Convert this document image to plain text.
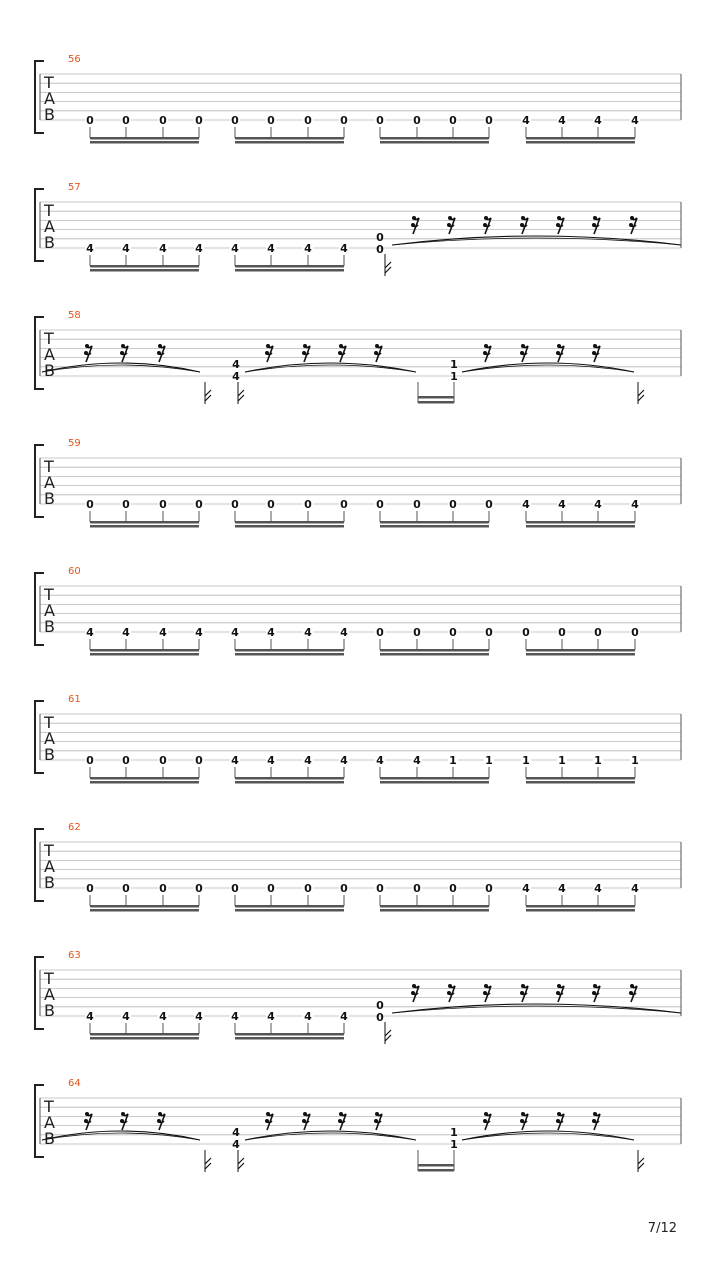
56
T
A
B	0	0	0	0	0	0	0	0	0	0	0	0	4	4	4	4
57
T
A
B	4	4	4	4	4	4	4	4
0
0
58
T
A
B	4
4
1
1
59
T
A
B	0	0	0	0	0	0	0	0	0	0	0	0	4	4	4	4
60
T
A
B	4	4	4	4	4	4	4	4	0	0	0	0	0	0	0	0
61
T
A
B	0	0	0	0	4	4	4	4	4	4	1	1	1	1	1	1
62
T
A
B	0	0	0	0	0	0	0	0	0	0	0	0	4	4	4	4
63
T
A
B	4	4	4	4	4	4	4	4
0
0
64
T
A
B	4
4
1
1
7/12
